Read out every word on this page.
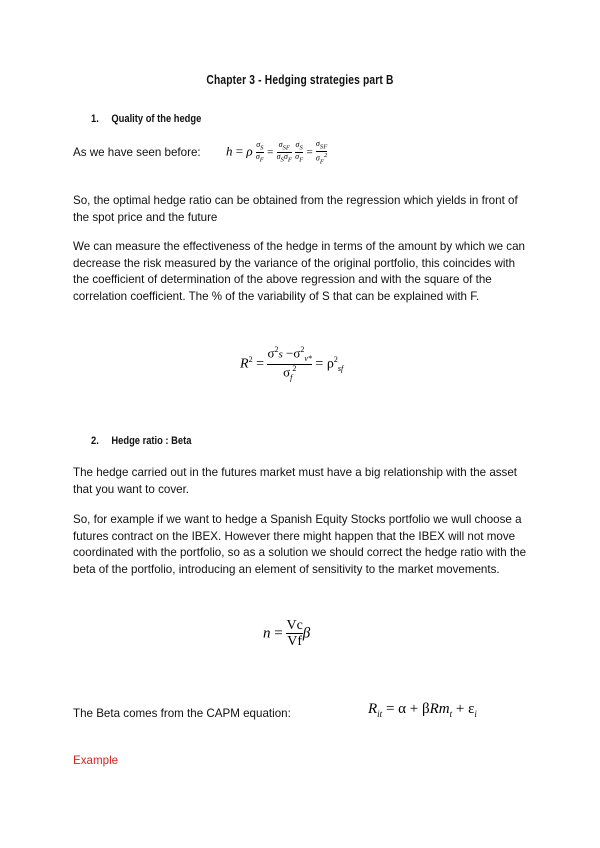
Chapter 3 - Hedging strategies part B
1. Quality of the hedge
As we have seen before: h = ρ $\frac{\sigma_S}{\sigma_F} = \frac{\sigma_{SF}}{\sigma_S\sigma_F}$
$\frac{\sigma_S}{\sigma_F} = \frac{\sigma_{SF}}{\sigma_F^2}$

So, the optimal hedge ratio can be obtained from the regression which yields in front of the spot price and the future

We can measure the effectiveness of the hedge in terms of the amount by which we can decrease the risk measured by the variance of the original portfolio, this coincides with the coefficient of determination of the above regression and with the square of the correlation coefficient. The % of the variability of S that can be explained with F.

$R^2 = \frac{\sigma^2s -\sigma^2_{v*}}{\sigma_f^2} = \rho^2_{sf}$
2. Hedge ratio : Beta

The hedge carried out in the futures market must have a big relationship with the asset that you want to cover.

So, for example if we want to hedge a Spanish Equity Stocks portfolio we wull choose a futures contract on the IBEX. However there might happen that the IBEX will not move coordinated with the portfolio, so as a solution we should correct the hedge ratio with the beta of the portfolio, introducing an element of sensitivity to the market movements.

$n = \frac{Vc}{Vf}$ β
The Beta comes from the CAPM equation:	$R_{it} = \alpha + \beta Rm_t + \varepsilon_i$
Example
